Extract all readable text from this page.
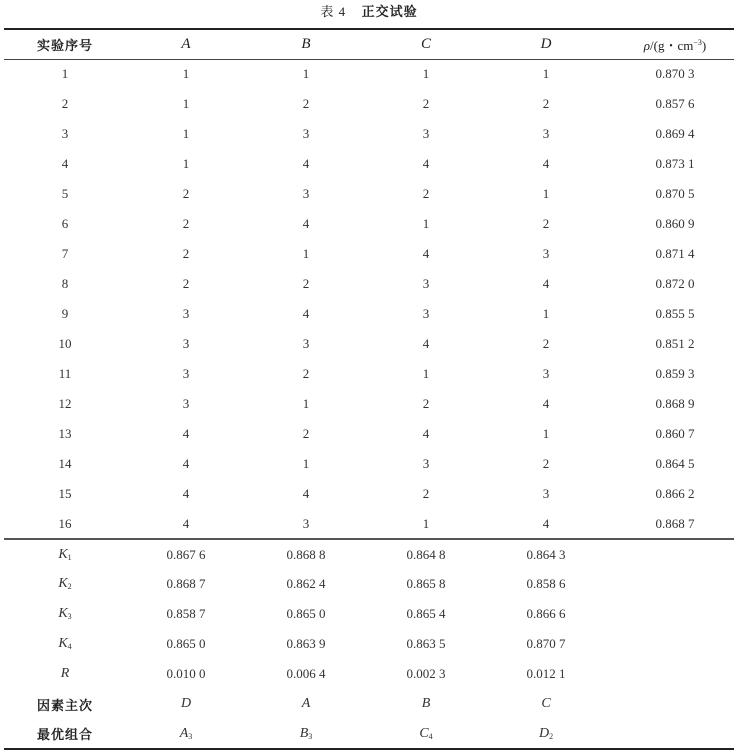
表 4 正交试验
实验序号	A	B	C	D	ρ/(g・$cm^{-3}$)
1	1	1	1	1	0.870 3
2	1	2	2	2	0.857 6
3	1	3	3	3	0.869 4
4	1	4	4	4	0.873 1
5	2	3	2	1	0.870 5
6	2	4	1	2	0.860 9
7	2	1	4	3	0.871 4
8	2	2	3	4	0.872 0
9	3	4	3	1	0.855 5
10	3	3	4	2	0.851 2
11	3	2	1	3	0.859 3
12	3	1	2	4	0.868 9
13	4	2	4	1	0.860 7
14	4	1	3	2	0.864 5
15	4	4	2	3	0.866 2
16	4	3	1	4	0.868 7
$K_1$	0.867 6	0.868 8	0.864 8	0.864 3	
$K_2$	0.868 7	0.862 4	0.865 8	0.858 6	
$K_3$	0.858 7	0.865 0	0.865 4	0.866 6	
$K_4$	0.865 0	0.863 9	0.863 5	0.870 7	
R	0.010 0	0.006 4	0.002 3	0.012 1	
因素主次	D	A	B	C	
最优组合	$A_3$	$B_3$	$C_4$	$D_2$	
